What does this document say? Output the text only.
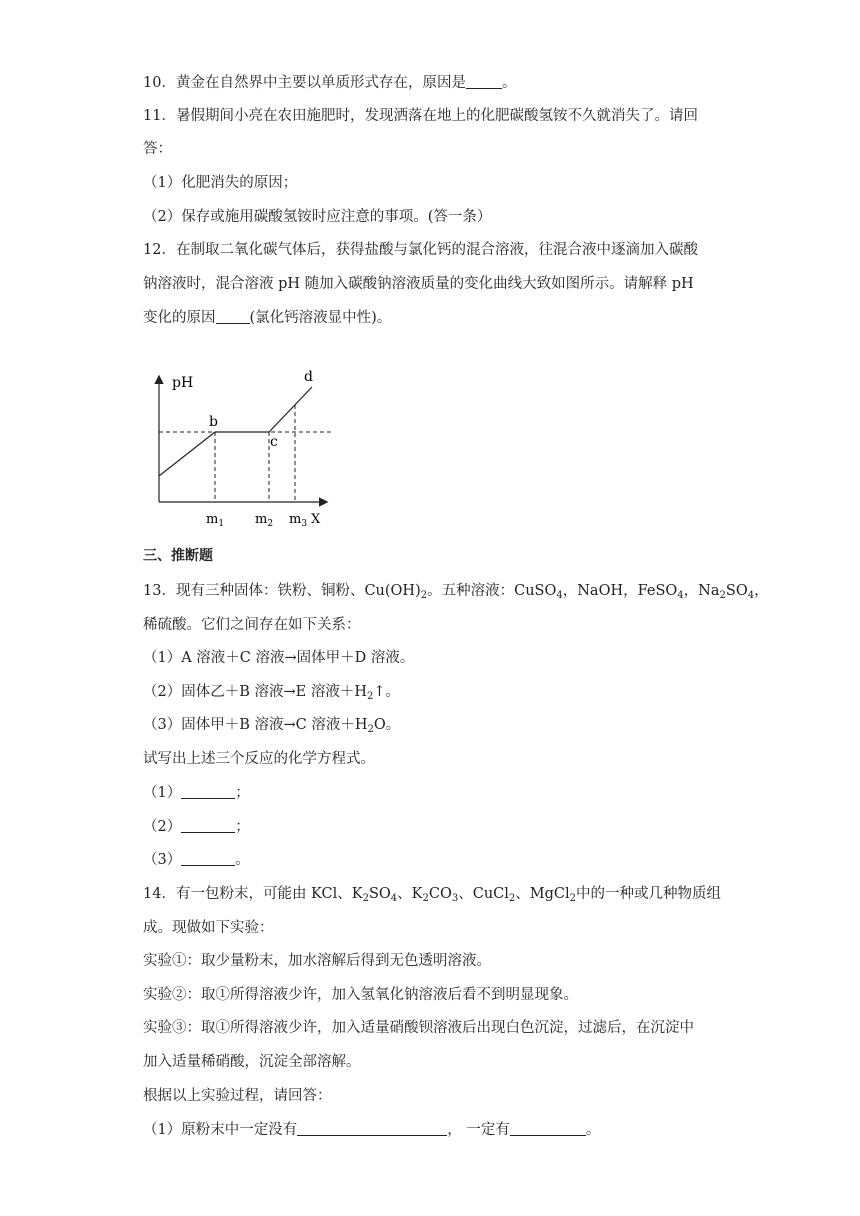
10．黄金在自然界中主要以单质形式存在，原因是 。
11．暑假期间小亮在农田施肥时，发现洒落在地上的化肥碳酸氢铵不久就消失了。请回
答：
（1）化肥消失的原因；
（2）保存或施用碳酸氢铵时应注意的事项。(答一条）
12．在制取二氧化碳气体后，获得盐酸与氯化钙的混合溶液，往混合液中逐滴加入碳酸
钠溶液时，混合溶液 pH 随加入碳酸钠溶液质量的变化曲线大致如图所示。请解释 pH
变化的原因 (氯化钙溶液显中性)。
pH
b
c
d
$m_1$ $m_2$ $m_3$ X
三、推断题
13．现有三种固体：铁粉、铜粉、$Cu(OH)_2$。五种溶液：CuSO$_4$，NaOH，FeSO$_4$，$Na_2SO_4$，
稀硫酸。它们之间存在如下关系：
（1）A 溶液＋C 溶液→固体甲＋D 溶液。
（2）固体乙＋B 溶液→E 溶液$+H_2↑$。
（3）固体甲＋B 溶液→C 溶液$+H_2O$。
试写出上述三个反应的化学方程式。
（1）	；
（2）	；
（3）	。
14．有一包粉末，可能由 KCl、$K_2SO_4$、$K_2CO_3$、CuCl$_2$、MgCl$_2$中的一种或几种物质组
成。现做如下实验：
实验①：取少量粉末，加水溶解后得到无色透明溶液。
实验②：取①所得溶液少许，加入氢氧化钠溶液后看不到明显现象。
实验③：取①所得溶液少许，加入适量硝酸钡溶液后出现白色沉淀，过滤后，在沉淀中
加入适量稀硝酸，沉淀全部溶解。
根据以上实验过程，请回答：
（1）原粉末中一定没有	， 一定有	。
